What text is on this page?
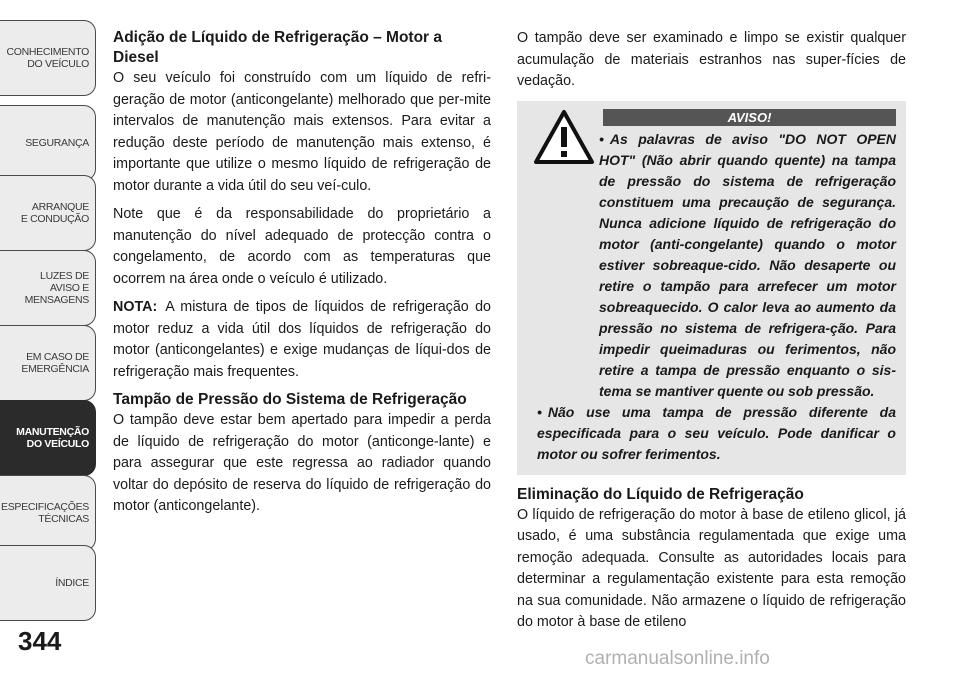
CONHECIMENTO
DO VEÍCULO
SEGURANÇA
ARRANQUE
E CONDUÇÃO
LUZES DE
AVISO E
MENSAGENS
EM CASO DE
EMERGÊNCIA
MANUTENÇÃO
DO VEÍCULO
ESPECIFICAÇÕES
TÉCNICAS
ÍNDICE
344
Adição de Líquido de Refrigeração – Motor a Diesel

O seu veículo foi construído com um líquido de refri-geração de motor (anticongelante) melhorado que per-mite intervalos de manutenção mais extensos. Para evitar a redução deste período de manutenção mais extenso, é importante que utilize o mesmo líquido de refrigeração de motor durante a vida útil do seu veí-culo.

Note que é da responsabilidade do proprietário a manutenção do nível adequado de protecção contra o congelamento, de acordo com as temperaturas que ocorrem na área onde o veículo é utilizado.

NOTA: A mistura de tipos de líquidos de refrigeração do motor reduz a vida útil dos líquidos de refrigeração do motor (anticongelantes) e exige mudanças de líqui-dos de refrigeração mais frequentes.

Tampão de Pressão do Sistema de Refrigeração

O tampão deve estar bem apertado para impedir a perda de líquido de refrigeração do motor (anticonge-lante) e para assegurar que este regressa ao radiador quando voltar do depósito de reserva do líquido de refrigeração do motor (anticongelante).

O tampão deve ser examinado e limpo se existir qualquer acumulação de materiais estranhos nas super-fícies de vedação.

AVISO!
• As palavras de aviso "DO NOT OPEN HOT" (Não abrir quando quente) na tampa de pressão do sistema de refrigeração constituem uma precaução de segurança. Nunca adicione líquido de refrigeração do motor (anti-congelante) quando o motor estiver sobreaque-cido. Não desaperte ou retire o tampão para arrefecer um motor sobreaquecido. O calor leva ao aumento da pressão no sistema de refrigera-ção. Para impedir queimaduras ou ferimentos, não retire a tampa de pressão enquanto o sis-tema se mantiver quente ou sob pressão.
• Não use uma tampa de pressão diferente da especificada para o seu veículo. Pode danificar o motor ou sofrer ferimentos.
Eliminação do Líquido de Refrigeração

O líquido de refrigeração do motor à base de etileno glicol, já usado, é uma substância regulamentada que exige uma remoção adequada. Consulte as autoridades locais para determinar a regulamentação existente para esta remoção na sua comunidade. Não armazene o líquido de refrigeração do motor à base de etileno

carmanualsonline.info
